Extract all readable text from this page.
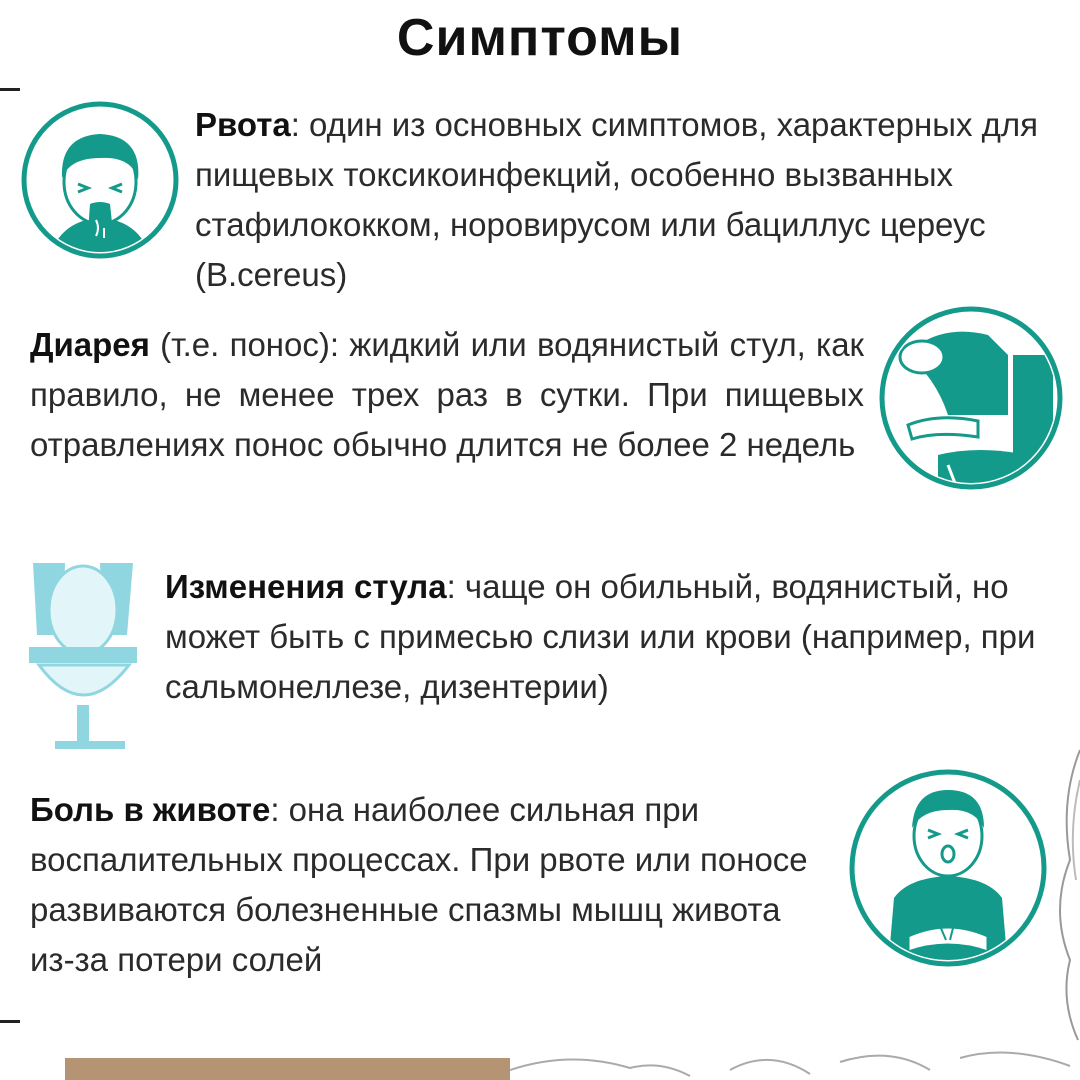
Симптомы
Рвота: один из основных симптомов, характерных для пищевых токсикоинфекций, особенно вызванных стафилококком, норовирусом или бациллус цереус (B.cereus)
Диарея (т.е. понос): жидкий или водянистый стул, как правило, не менее трех раз в сутки. При пищевых отравлениях понос обычно длится не более 2 недель
Изменения стула: чаще он обильный, водянистый, но может быть с примесью слизи или крови (например, при сальмонеллезе, дизентерии)
Боль в животе: она наиболее сильная при воспалительных процессах. При рвоте или поносе развиваются болезненные спазмы мышц живота из-за потери солей
